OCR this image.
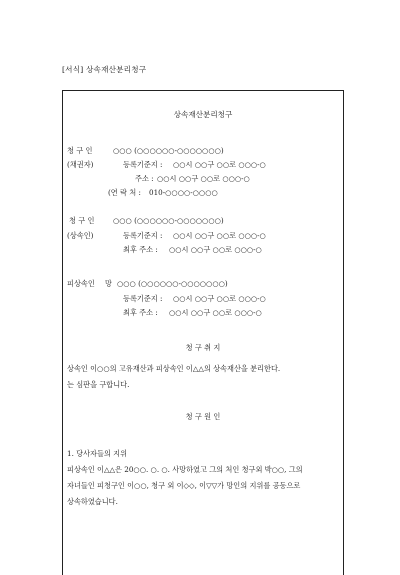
[서식] 상속재산분리청구
상속재산분리청구
청 구 인
(채권자)
○○○ (○○○○○○-○○○○○○○)
등록기준지 : ○○시 ○○구 ○○로 ○○○-○
주소 : ○○시 ○○구 ○○로 ○○○-○
(연 락 처 : 010-○○○○-○○○○
청 구 인
(상속인)
○○○ (○○○○○○-○○○○○○○)
등록기준지 : ○○시 ○○구 ○○로 ○○○-○
최후 주소 : ○○시 ○○구 ○○로 ○○○-○
피상속인 망 ○○○ (○○○○○○-○○○○○○○)
등록기준지 : ○○시 ○○구 ○○로 ○○○-○
최후 주소 : ○○시 ○○구 ○○로 ○○○-○
청 구 취 지
상속인 이○○의 고유재산과 피상속인 이△△의 상속재산을 분리한다.
는 심판을 구합니다.
청 구 원 인
1. 당사자들의 지위
피상속인 이△△은 20○○. ○. ○. 사망하였고 그의 처인 청구외 박○○, 그의
자녀들인 피청구인 이○○, 청구 외 이◇◇, 이▽▽가 망인의 지위를 공동으로
상속하였습니다.
